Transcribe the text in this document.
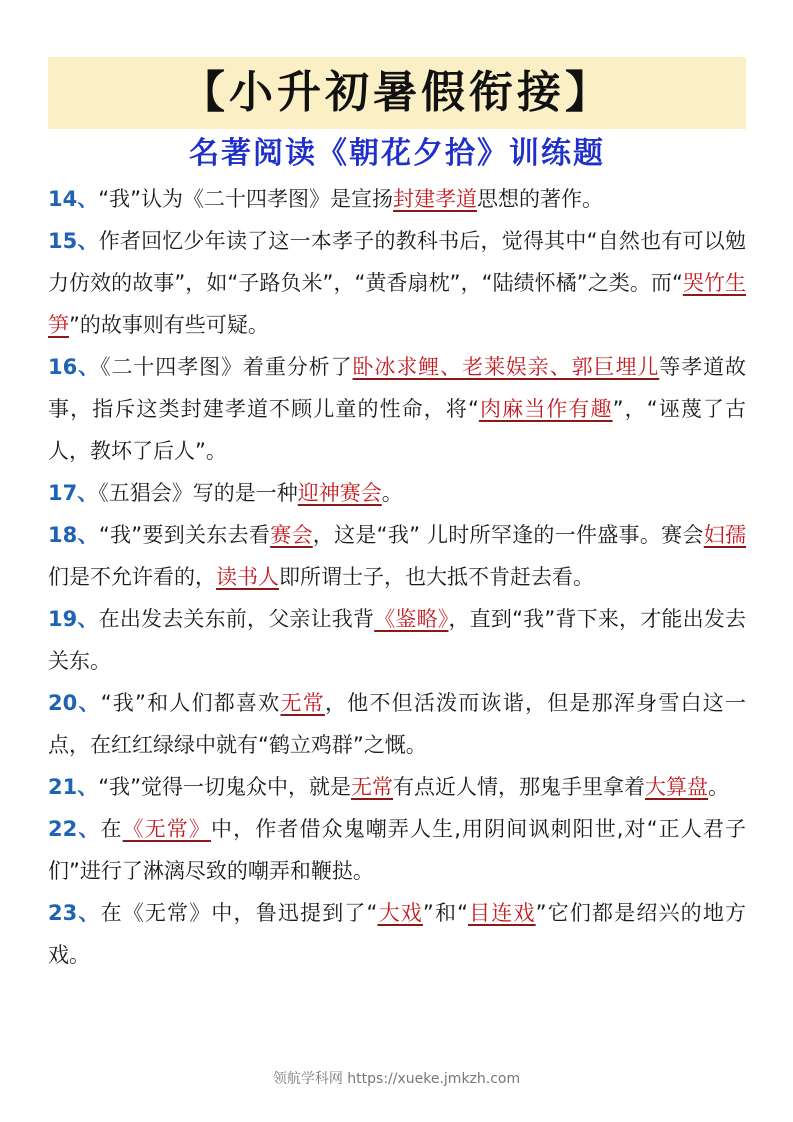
【小升初暑假衔接】
名著阅读《朝花夕拾》训练题

14、“我”认为《二十四孝图》是宣扬封建孝道思想的著作。

15、作者回忆少年读了这一本孝子的教科书后，觉得其中“自然也有可以勉力仿效的故事”，如“子路负米”，“黄香扇枕”，“陆绩怀橘”之类。而“哭竹生笋”的故事则有些可疑。

16、《二十四孝图》着重分析了卧冰求鲤、老莱娱亲、郭巨埋儿等孝道故事，指斥这类封建孝道不顾儿童的性命，将“肉麻当作有趣”，“诬蔑了古人，教坏了后人”。

17、《五猖会》写的是一种迎神赛会。

18、“我”要到关东去看赛会，这是“我” 儿时所罕逢的一件盛事。赛会妇孺们是不允许看的，读书人即所谓士子，也大抵不肯赶去看。

19、在出发去关东前，父亲让我背《鉴略》，直到“我”背下来，才能出发去关东。

20、“我”和人们都喜欢无常，他不但活泼而诙谐，但是那浑身雪白这一点，在红红绿绿中就有“鹤立鸡群”之慨。

21、“我”觉得一切鬼众中，就是无常有点近人情，那鬼手里拿着大算盘。

22、在《无常》中，作者借众鬼嘲弄人生,用阴间讽刺阳世,对“正人君子们”进行了淋漓尽致的嘲弄和鞭挞。

23、在《无常》中，鲁迅提到了“大戏”和“目连戏”它们都是绍兴的地方戏。

领航学科网 https://xueke.jmkzh.com
